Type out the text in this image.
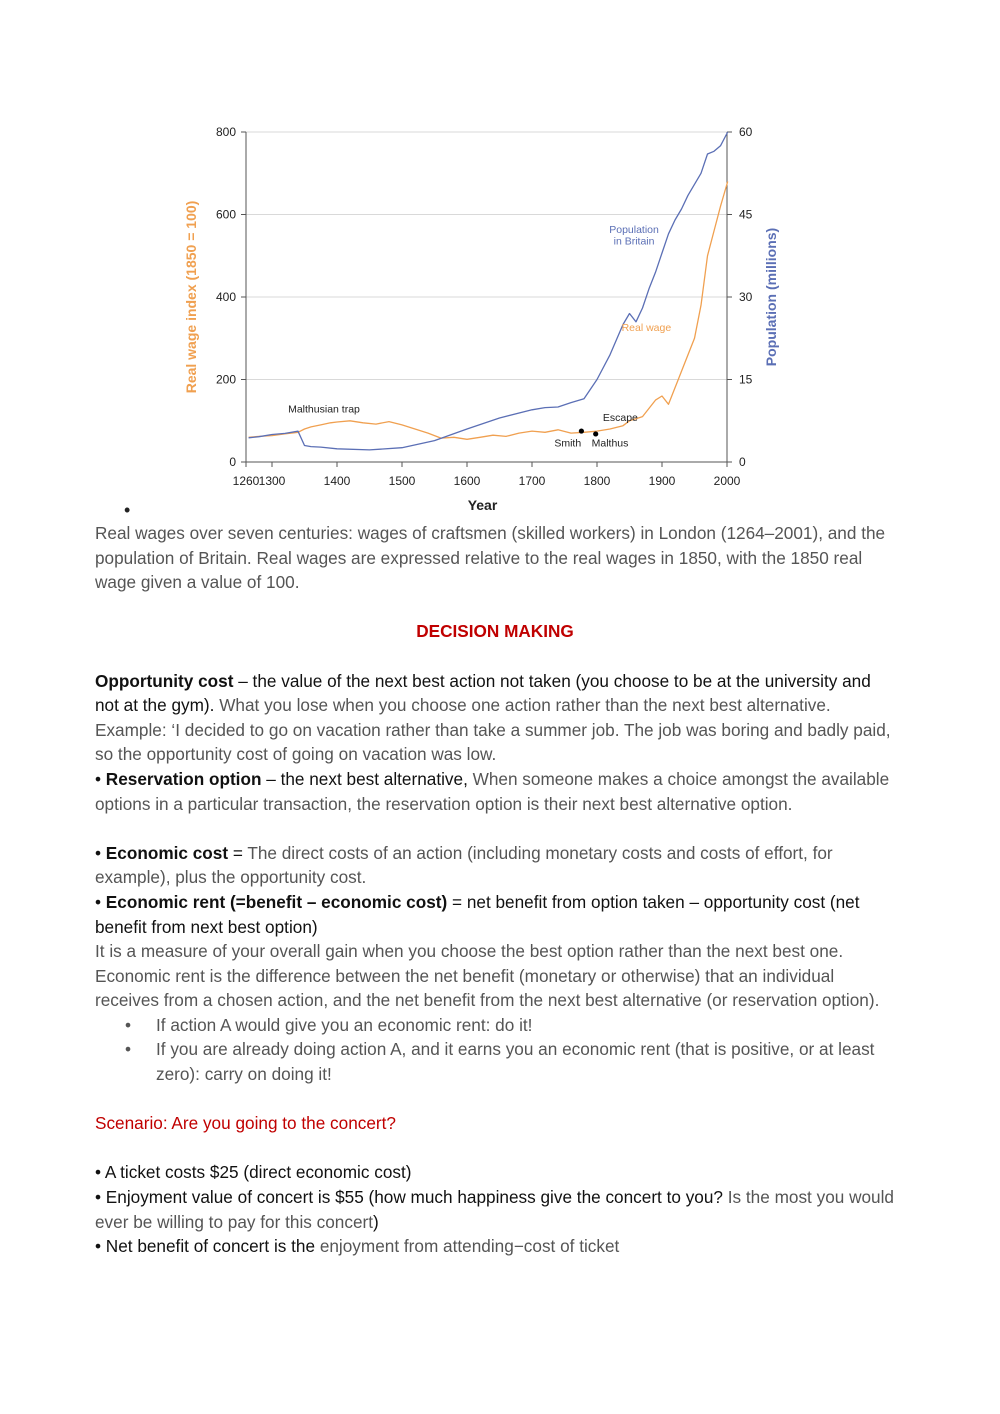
0
200
400
600
800
0
15
30
45
60
1260 1300	1400	1500	1600	1700	1800	1900	2000
Year
Real wage index (1850 = 100)	Population (millions)
Malthusian trap
Escape
Smith Malthus
Population
in Britain
Real wage
•

Real wages over seven centuries: wages of craftsmen (skilled workers) in London (1264–2001), and the population of Britain. Real wages are expressed relative to the real wages in 1850, with the 1850 real wage given a value of 100.

DECISION MAKING

Opportunity cost – the value of the next best action not taken (you choose to be at the university and not at the gym). What you lose when you choose one action rather than the next best alternative. Example: ‘I decided to go on vacation rather than take a summer job. The job was boring and badly paid, so the opportunity cost of going on vacation was low.

• Reservation option – the next best alternative, When someone makes a choice amongst the available options in a particular transaction, the reservation option is their next best alternative option.

• Economic cost = The direct costs of an action (including monetary costs and costs of effort, for example), plus the opportunity cost.

• Economic rent (=benefit – economic cost) = net benefit from option taken – opportunity cost (net benefit from next best option)

It is a measure of your overall gain when you choose the best option rather than the next best one. Economic rent is the difference between the net benefit (monetary or otherwise) that an individual receives from a chosen action, and the net benefit from the next best alternative (or reservation option).

• If action A would give you an economic rent: do it!
• If you are already doing action A, and it earns you an economic rent (that is positive, or at least zero): carry on doing it!

Scenario: Are you going to the concert?

• A ticket costs $25 (direct economic cost)

• Enjoyment value of concert is $55 (how much happiness give the concert to you? Is the most you would ever be willing to pay for this concert)

• Net benefit of concert is the enjoyment from attending−cost of ticket
